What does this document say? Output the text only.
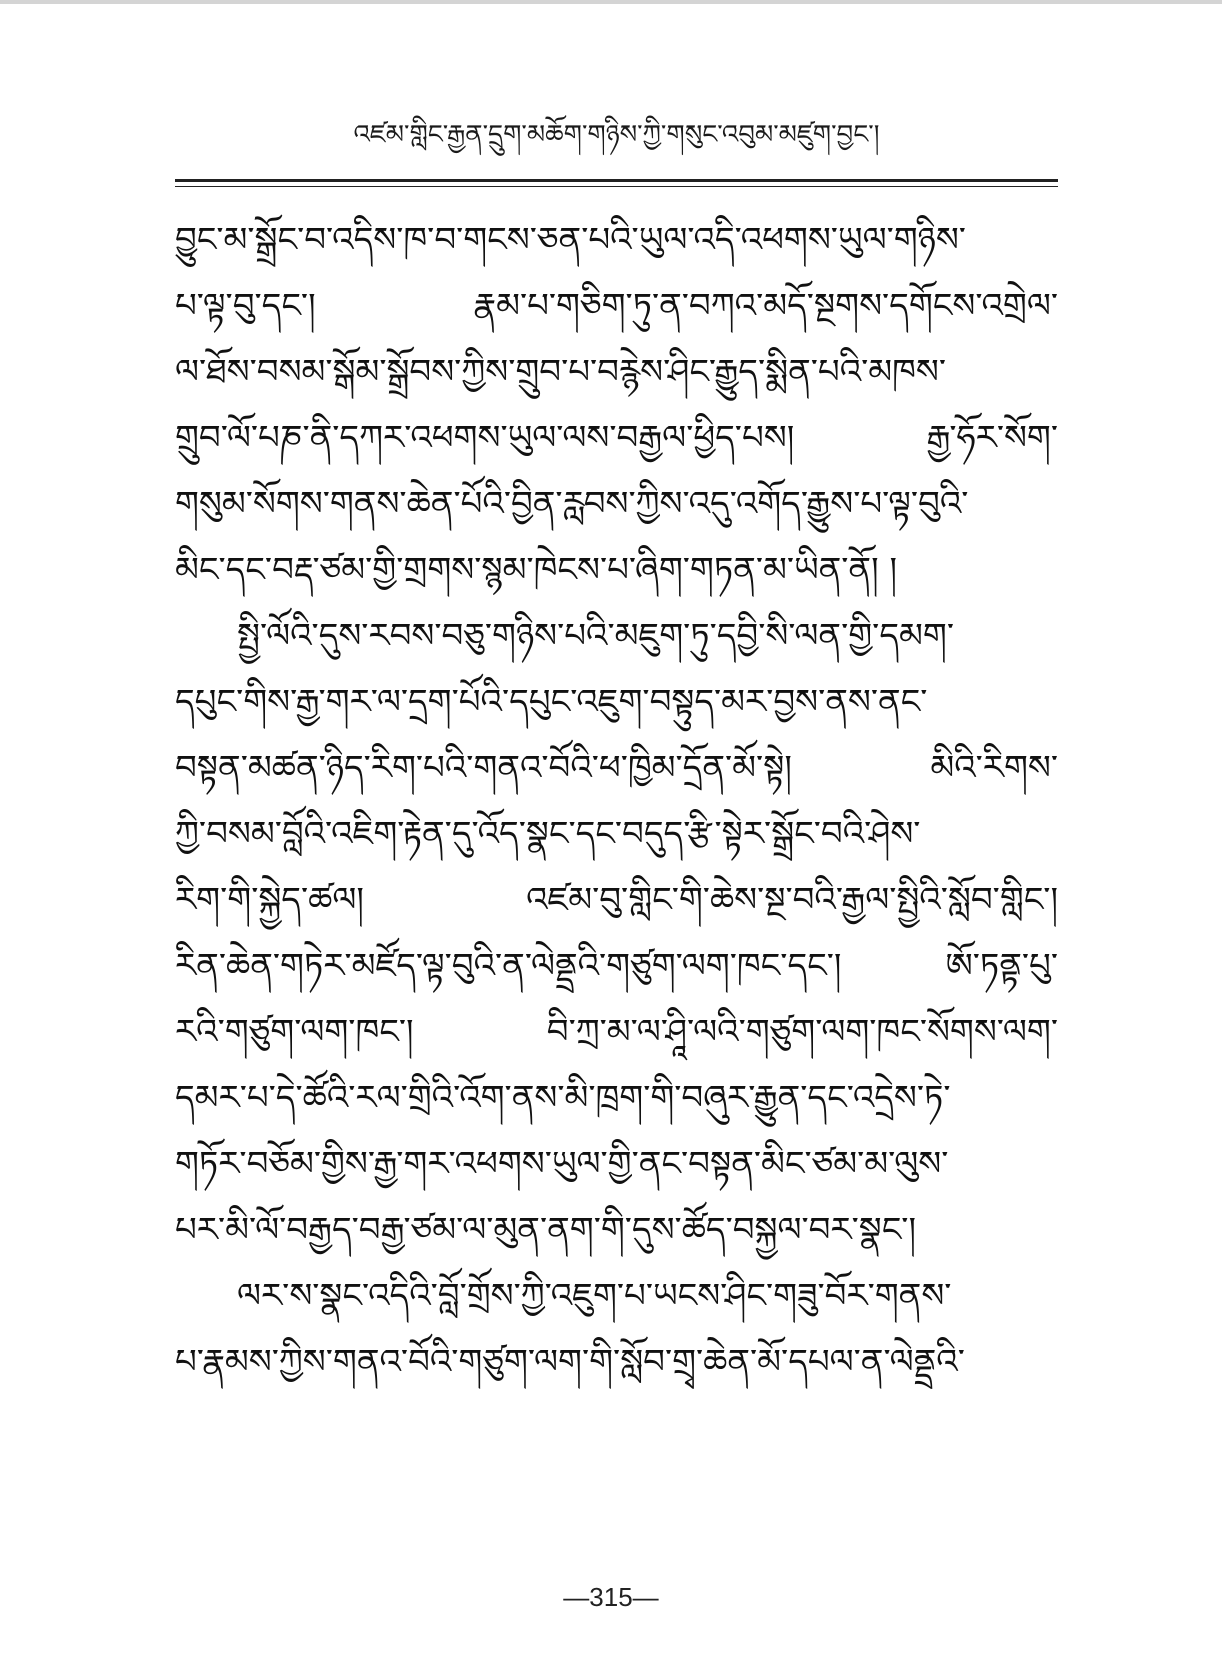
འཛམ་གླིང་རྒྱན་དྲུག་མཆོག་གཉིས་ཀྱི་གསུང་འབུམ་མཛུག་བྱང་།
བྱུང་མ་སྒྲོང་བ་འདིས་ཁ་བ་གངས་ཅན་པའི་ཡུལ་འདི་འཕགས་ཡུལ་གཉིས་
པ་ལྟ་བུ་དང་། རྣམ་པ་གཅིག་ཏུ་ན་བཀའ་མདོ་སྔགས་དགོངས་འགྲེལ་
ལ་ཐོས་བསམ་སྒོམ་སྒྲོབས་ཀྱིས་གྲུབ་པ་བརྙེས་ཤིང་རྒྱུད་སྨིན་པའི་མཁས་
གྲུབ་ལོ་པཎ་ནི་དཀར་འཕགས་ཡུལ་ལས་བརྒྱལ་ཕྱིད་པས། རྒྱ་ཧོར་སོག་
གསུམ་སོགས་གནས་ཆེན་པོའི་བྱིན་རླབས་ཀྱིས་འདུ་འགོད་རྒྱུས་པ་ལྟ་བུའི་
མིང་དང་བརྡ་ཙམ་གྱི་གྲགས་སྙམ་ཁེངས་པ་ཞིག་གཏན་མ་ཡིན་ནོ། །
སྤྱི་ལོའི་དུས་རབས་བཅུ་གཉིས་པའི་མཇུག་ཏུ་དབྱི་སི་ལན་གྱི་དམག་
དཔུང་གིས་རྒྱ་གར་ལ་དྲག་པོའི་དཔུང་འཇུག་བསྟུད་མར་བྱས་ནས་ནང་
བསྟན་མཚན་ཉིད་རིག་པའི་གནའ་བོའི་ཕ་ཁྱིམ་དྲོན་མོ་སྟེ། མིའི་རིགས་
ཀྱི་བསམ་བློའི་འཇིག་རྟེན་དུ་འོད་སྣང་དང་བདུད་རྩི་སྟེར་སྒྲོང་བའི་ཤེས་
རིག་གི་སྐྱེད་ཚལ། འཛམ་བུ་གླིང་གི་ཆེས་སྔ་བའི་རྒྱལ་སྤྱིའི་སློབ་གླིང་།
རིན་ཆེན་གཏེར་མཛོད་ལྟ་བུའི་ན་ལེནྡྲའི་གཙུག་ལག་ཁང་དང་། ཨོ་ཏནྟ་པུ་
རའི་གཙུག་ལག་ཁང་། བི་ཀྲ་མ་ལ་ཤཱི་ལའི་གཙུག་ལག་ཁང་སོགས་ལག་
དམར་པ་དེ་ཚོའི་རལ་གྲིའི་འོག་ནས་མི་ཁྲག་གི་བཞུར་རྒྱུན་དང་འདྲེས་ཏེ་
གཏོར་བཅོམ་གྱིས་རྒྱ་གར་འཕགས་ཡུལ་གྱི་ནང་བསྟན་མིང་ཙམ་མ་ལུས་
པར་མི་ལོ་བརྒྱད་བརྒྱ་ཙམ་ལ་མུན་ནག་གི་དུས་ཚོད་བསྐྱལ་བར་སྣང་།
ལར་ས་སྣང་འདིའི་བློ་གྲོས་ཀྱི་འཇུག་པ་ཡངས་ཤིང་གཟུ་བོར་གནས་
པ་རྣམས་ཀྱིས་གནའ་བོའི་གཙུག་ལག་གི་སློབ་གྲྭ་ཆེན་མོ་དཔལ་ན་ལེནྡྲའི་
—315—
